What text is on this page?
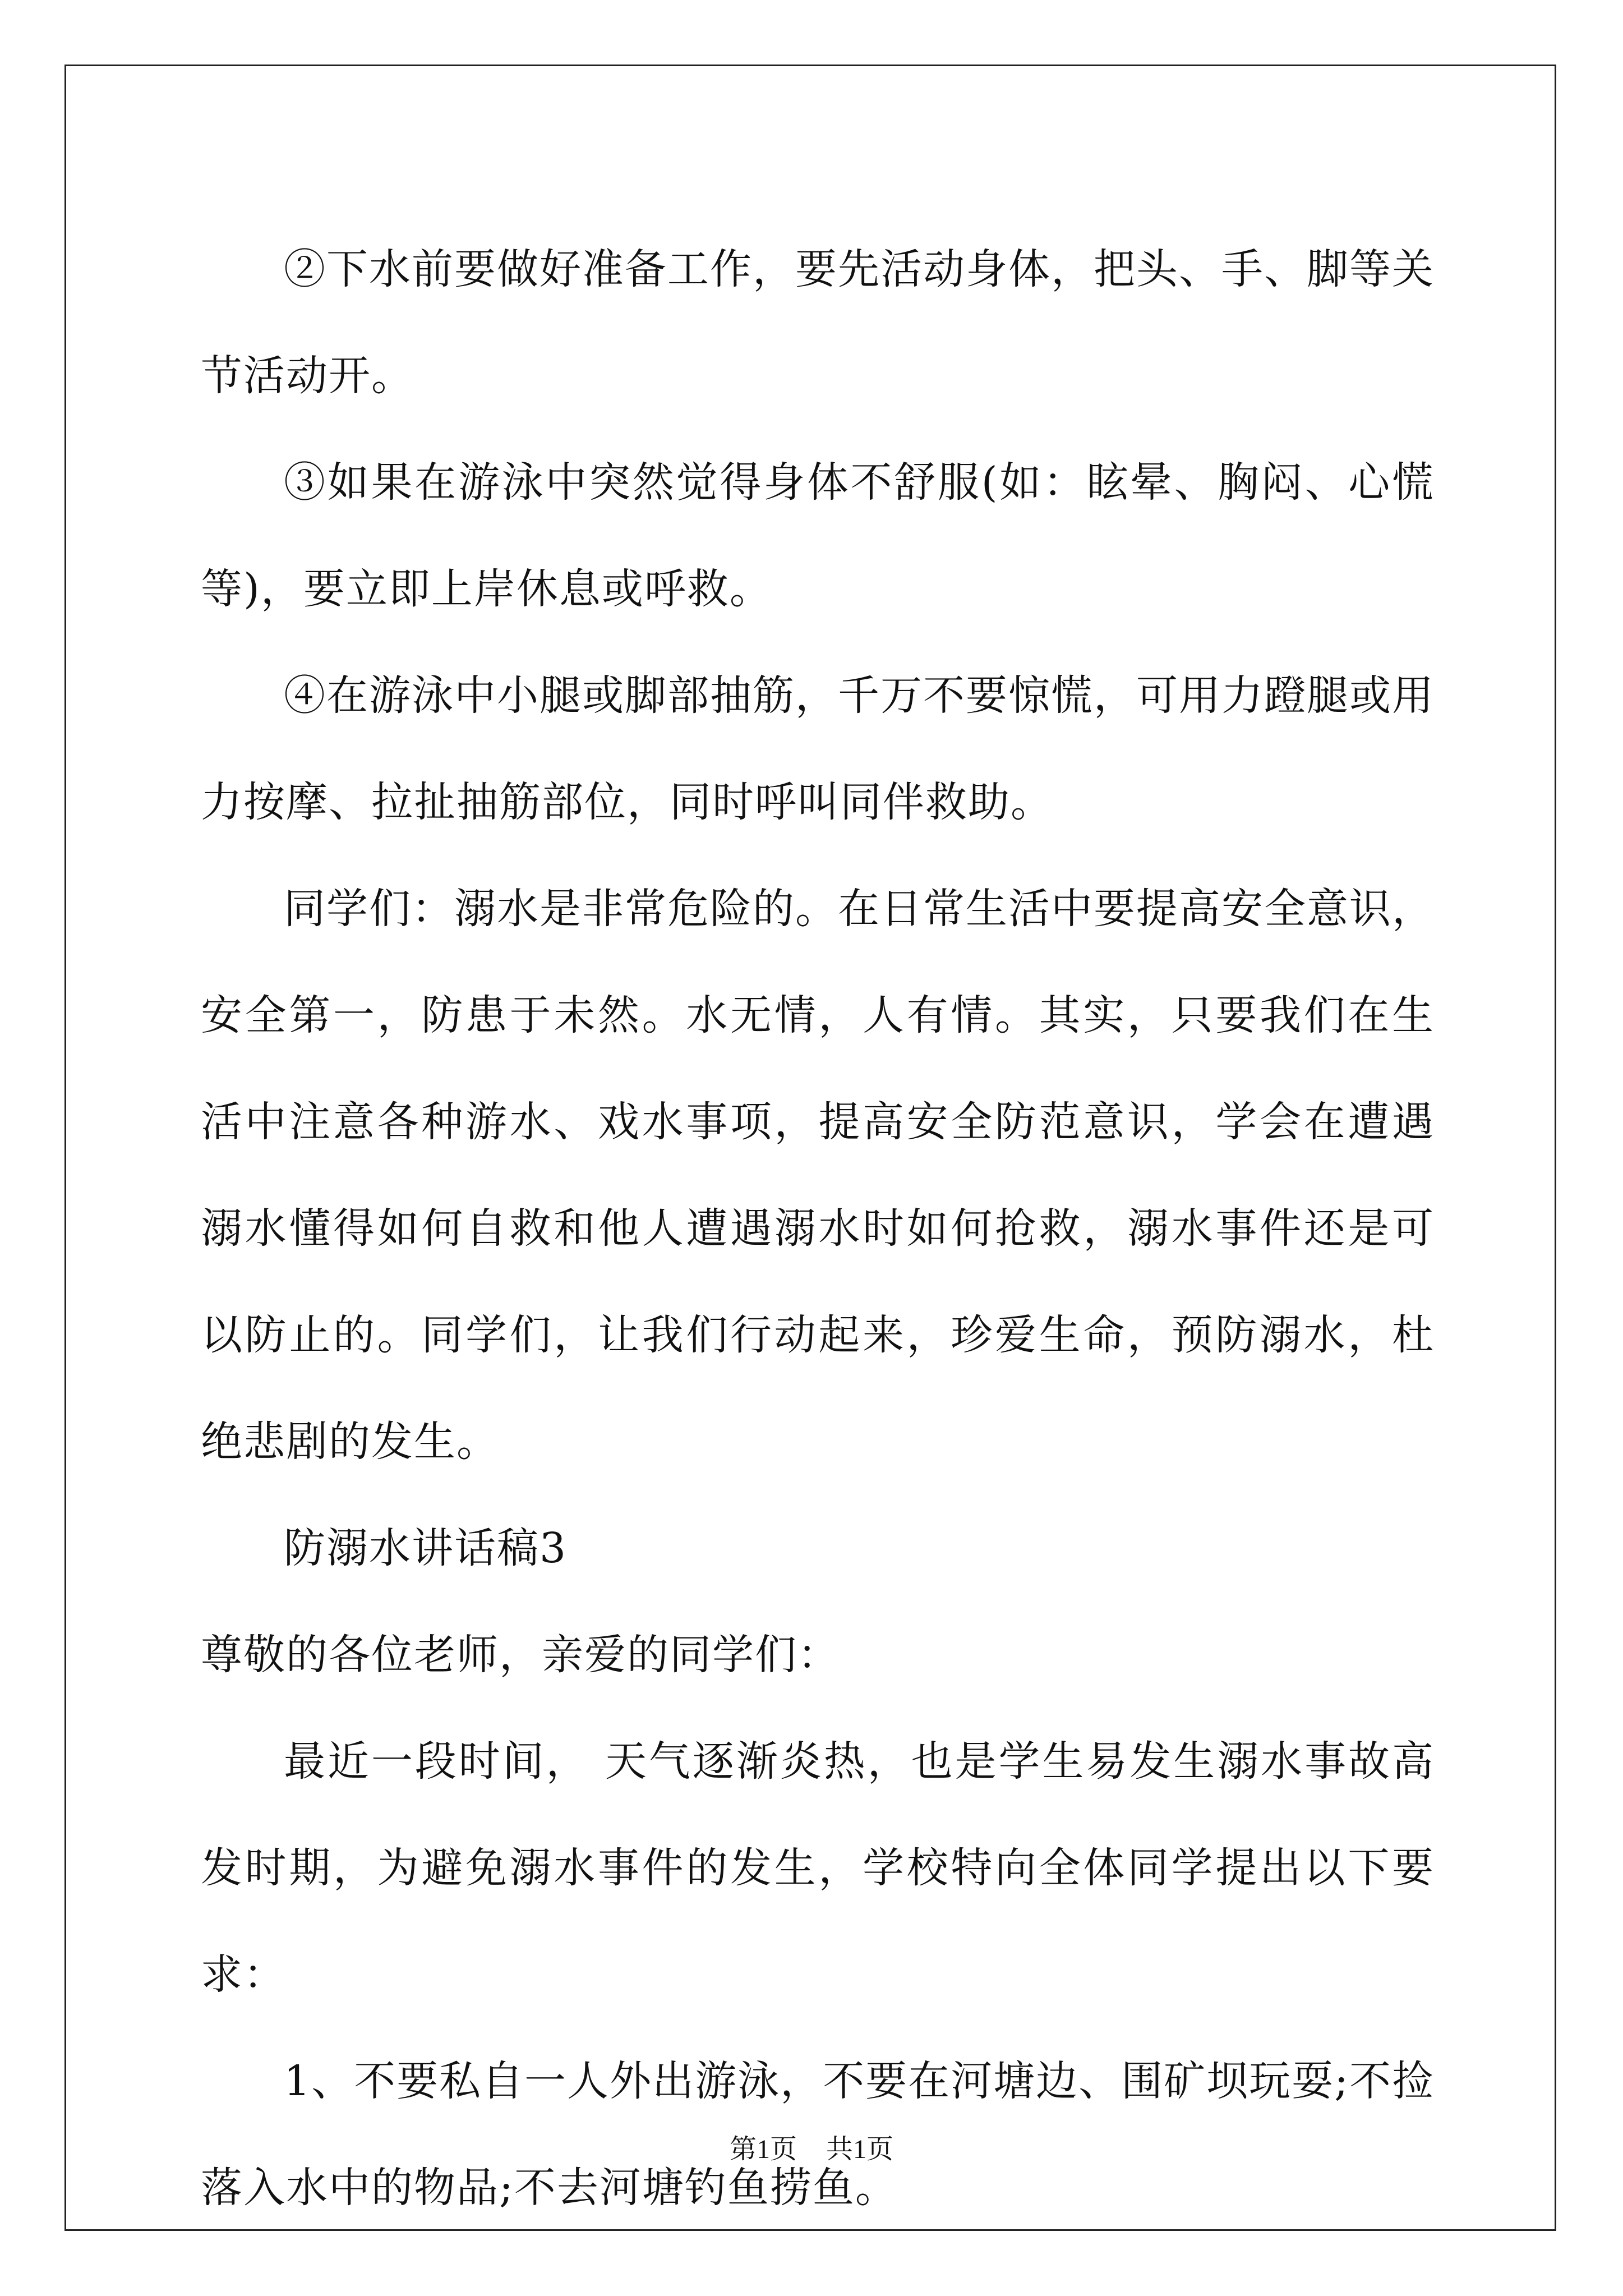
②下水前要做好准备工作，要先活动身体，把头、手、脚等关节活动开。

③如果在游泳中突然觉得身体不舒服(如：眩晕、胸闷、心慌等)，要立即上岸休息或呼救。

④在游泳中小腿或脚部抽筋，千万不要惊慌，可用力蹬腿或用力按摩、拉扯抽筋部位，同时呼叫同伴救助。

同学们：溺水是非常危险的。在日常生活中要提高安全意识，安全第一，防患于未然。水无情，人有情。其实，只要我们在生活中注意各种游水、戏水事项，提高安全防范意识，学会在遭遇溺水懂得如何自救和他人遭遇溺水时如何抢救，溺水事件还是可以防止的。同学们，让我们行动起来，珍爱生命，预防溺水，杜绝悲剧的发生。

防溺水讲话稿3

尊敬的各位老师，亲爱的同学们：

最近一段时间， 天气逐渐炎热，也是学生易发生溺水事故高发时期，为避免溺水事件的发生，学校特向全体同学提出以下要求：

1、不要私自一人外出游泳，不要在河塘边、围矿坝玩耍;不捡落入水中的物品;不去河塘钓鱼捞鱼。

第1页 共1页
